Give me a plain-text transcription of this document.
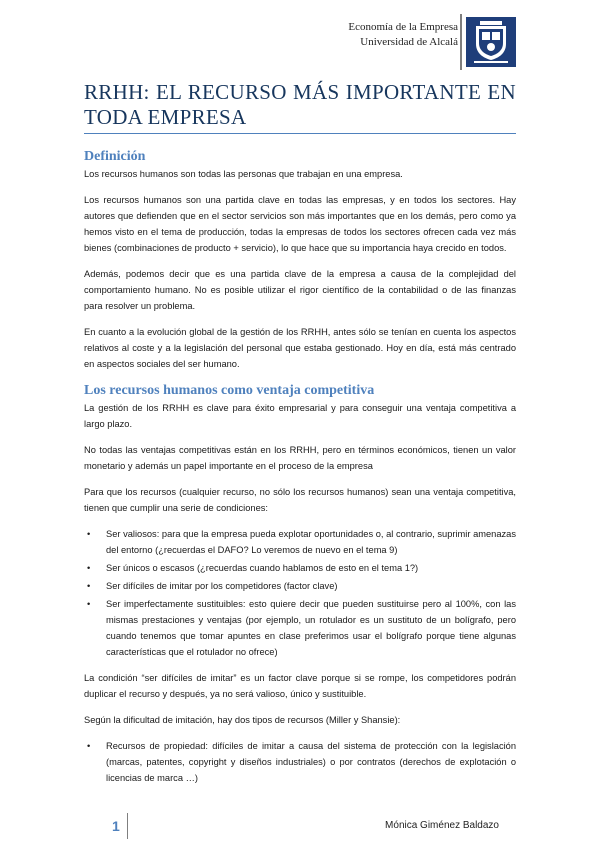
Economía de la Empresa
Universidad de Alcalá
RRHH: EL RECURSO MÁS IMPORTANTE EN TODA EMPRESA
Definición

Los recursos humanos son todas las personas que trabajan en una empresa.

Los recursos humanos son una partida clave en todas las empresas, y en todos los sectores. Hay autores que defienden que en el sector servicios son más importantes que en los demás, pero como ya hemos visto en el tema de producción, todas la empresas de todos los sectores ofrecen cada vez más bienes (combinaciones de producto + servicio), lo que hace que su importancia haya crecido en todos.

Además, podemos decir que es una partida clave de la empresa a causa de la complejidad del comportamiento humano. No es posible utilizar el rigor científico de la contabilidad o de las finanzas para resolver un problema.

En cuanto a la evolución global de la gestión de los RRHH, antes sólo se tenían en cuenta los aspectos relativos al coste y a la legislación del personal que estaba gestionado. Hoy en día, está más centrado en aspectos sociales del ser humano.

Los recursos humanos como ventaja competitiva

La gestión de los RRHH es clave para éxito empresarial y para conseguir una ventaja competitiva a largo plazo.

No todas las ventajas competitivas están en los RRHH, pero en términos económicos, tienen un valor monetario y además un papel importante en el proceso de la empresa

Para que los recursos (cualquier recurso, no sólo los recursos humanos) sean una ventaja competitiva, tienen que cumplir una serie de condiciones:

• Ser valiosos: para que la empresa pueda explotar oportunidades o, al contrario, suprimir amenazas del entorno (¿recuerdas el DAFO? Lo veremos de nuevo en el tema 9)
• Ser únicos o escasos (¿recuerdas cuando hablamos de esto en el tema 1?)
• Ser difíciles de imitar por los competidores (factor clave)
• Ser imperfectamente sustituibles: esto quiere decir que pueden sustituirse pero al 100%, con las mismas prestaciones y ventajas (por ejemplo, un rotulador es un sustituto de un bolígrafo, pero cuando tenemos que tomar apuntes en clase preferimos usar el bolígrafo porque tiene algunas características que el rotulador no ofrece)

La condición “ser difíciles de imitar” es un factor clave porque si se rompe, los competidores podrán duplicar el recurso y después, ya no será valioso, único y sustituible.

Según la dificultad de imitación, hay dos tipos de recursos (Miller y Shansie):

• Recursos de propiedad: difíciles de imitar a causa del sistema de protección con la legislación (marcas, patentes, copyright y diseños industriales) o por contratos (derechos de explotación o licencias de marca …)
1	Mónica Giménez Baldazo
